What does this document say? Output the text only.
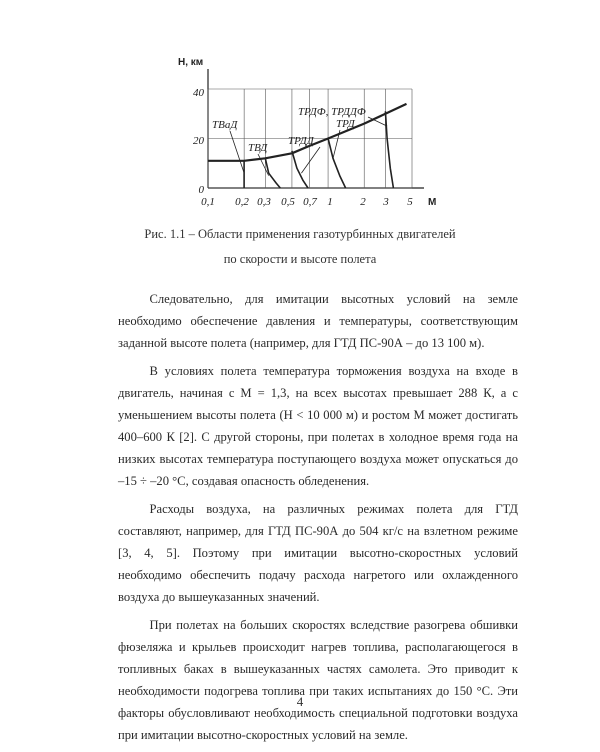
H, км
M
40
20
0
0,1 0,2 0,3 0,5 0,7 1	2 3 5
ТВаД
ТВД
ТРДД
ТРД
ТРДФ, ТРДДФ
Рис. 1.1 – Области применения газотурбинных двигателей
по скорости и высоте полета

Следовательно, для имитации высотных условий на земле необходимо обеспечение давления и температуры, соответствующим заданной высоте полета (например, для ГТД ПС-90А – до 13 100 м).

В условиях полета температура торможения воздуха на входе в двигатель, начиная с M = 1,3, на всех высотах превышает 288 К, а с уменьшением высоты полета (H < 10 000 м) и ростом M может достигать 400–600 К [2]. С другой стороны, при полетах в холодное время года на низких высотах температура поступающего воздуха может опускаться до –15 ÷ –20 °C, создавая опасность обледенения.

Расходы воздуха, на различных режимах полета для ГТД составляют, например, для ГТД ПС-90А до 504 кг/с на взлетном режиме [3, 4, 5]. Поэтому при имитации высотно-скоростных условий необходимо обеспечить подачу расхода нагретого или охлажденного воздуха до вышеуказанных значений.

При полетах на больших скоростях вследствие разогрева обшивки фюзеляжа и крыльев происходит нагрев топлива, располагающегося в топливных баках в вышеуказанных частях самолета. Это приводит к необходимости подогрева топлива при таких испытаниях до 150 °C. Эти факторы обусловливают необходимость специальной подготовки воздуха при имитации высотно-скоростных условий на земле.

4
